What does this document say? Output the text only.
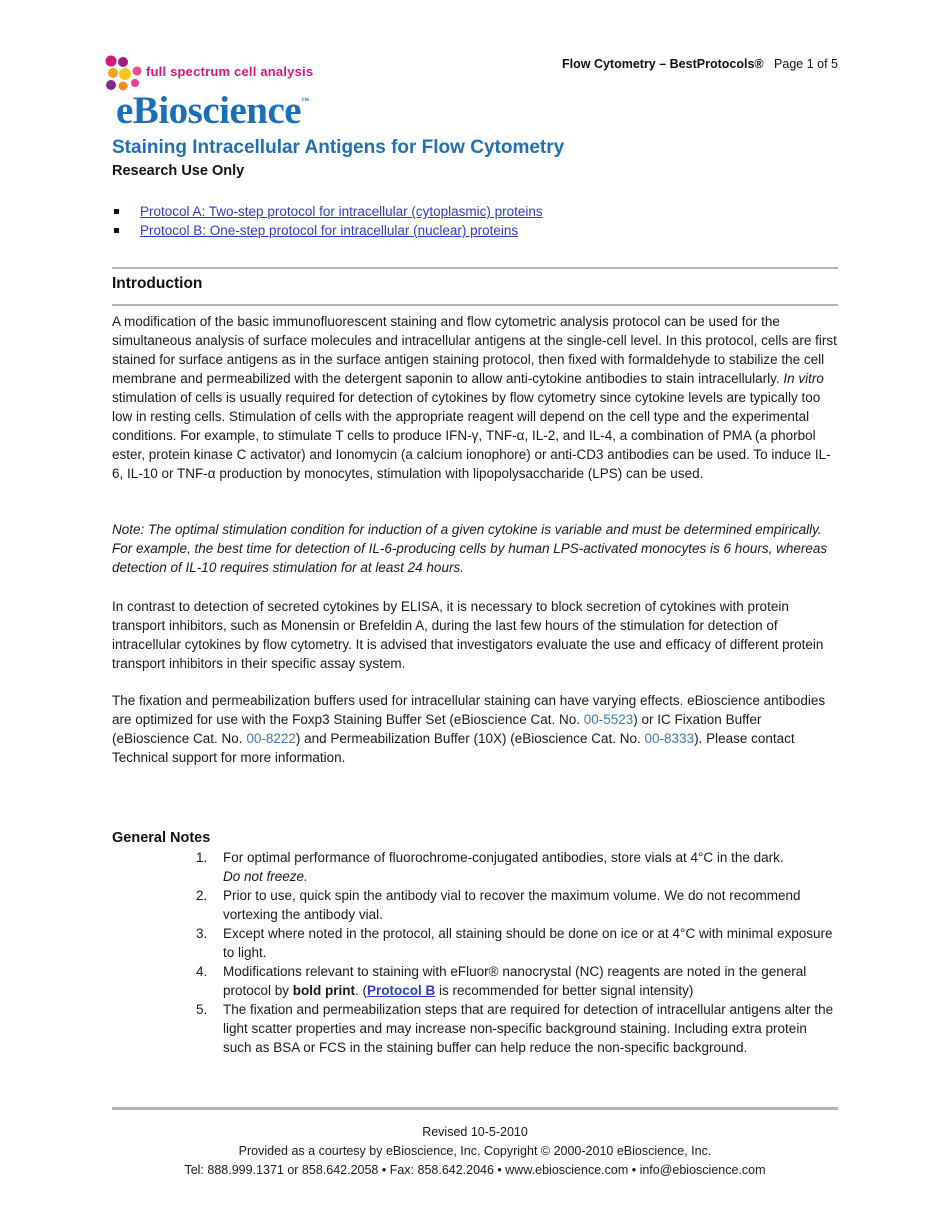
Flow Cytometry – BestProtocols® Page 1 of 5
full spectrum cell analysis
eBioscience™
Staining Intracellular Antigens for Flow Cytometry
Research Use Only
Protocol A: Two-step protocol for intracellular (cytoplasmic) proteins
Protocol B: One-step protocol for intracellular (nuclear) proteins
Introduction

A modification of the basic immunofluorescent staining and flow cytometric analysis protocol can be used for the simultaneous analysis of surface molecules and intracellular antigens at the single-cell level. In this protocol, cells are first stained for surface antigens as in the surface antigen staining protocol, then fixed with formaldehyde to stabilize the cell membrane and permeabilized with the detergent saponin to allow anti-cytokine antibodies to stain intracellularly. In vitro stimulation of cells is usually required for detection of cytokines by flow cytometry since cytokine levels are typically too low in resting cells. Stimulation of cells with the appropriate reagent will depend on the cell type and the experimental conditions. For example, to stimulate T cells to produce IFN-γ, TNF-α, IL-2, and IL-4, a combination of PMA (a phorbol ester, protein kinase C activator) and Ionomycin (a calcium ionophore) or anti-CD3 antibodies can be used. To induce IL-6, IL-10 or TNF-α production by monocytes, stimulation with lipopolysaccharide (LPS) can be used.

Note: The optimal stimulation condition for induction of a given cytokine is variable and must be determined empirically. For example, the best time for detection of IL-6-producing cells by human LPS-activated monocytes is 6 hours, whereas detection of IL-10 requires stimulation for at least 24 hours.

In contrast to detection of secreted cytokines by ELISA, it is necessary to block secretion of cytokines with protein transport inhibitors, such as Monensin or Brefeldin A, during the last few hours of the stimulation for detection of intracellular cytokines by flow cytometry. It is advised that investigators evaluate the use and efficacy of different protein transport inhibitors in their specific assay system.

The fixation and permeabilization buffers used for intracellular staining can have varying effects. eBioscience antibodies are optimized for use with the Foxp3 Staining Buffer Set (eBioscience Cat. No. 00-5523) or IC Fixation Buffer (eBioscience Cat. No. 00-8222) and Permeabilization Buffer (10X) (eBioscience Cat. No. 00-8333). Please contact Technical support for more information.

General Notes
1. For optimal performance of fluorochrome-conjugated antibodies, store vials at 4°C in the dark.
Do not freeze.
2. Prior to use, quick spin the antibody vial to recover the maximum volume. We do not recommend vortexing the antibody vial.
3. Except where noted in the protocol, all staining should be done on ice or at 4°C with minimal exposure to light.
4. Modifications relevant to staining with eFluor® nanocrystal (NC) reagents are noted in the general protocol by bold print. (Protocol B is recommended for better signal intensity)
5. The fixation and permeabilization steps that are required for detection of intracellular antigens alter the light scatter properties and may increase non-specific background staining. Including extra protein such as BSA or FCS in the staining buffer can help reduce the non-specific background.
Revised 10-5-2010
Provided as a courtesy by eBioscience, Inc. Copyright © 2000-2010 eBioscience, Inc.
Tel: 888.999.1371 or 858.642.2058 • Fax: 858.642.2046 • www.ebioscience.com • info@ebioscience.com
